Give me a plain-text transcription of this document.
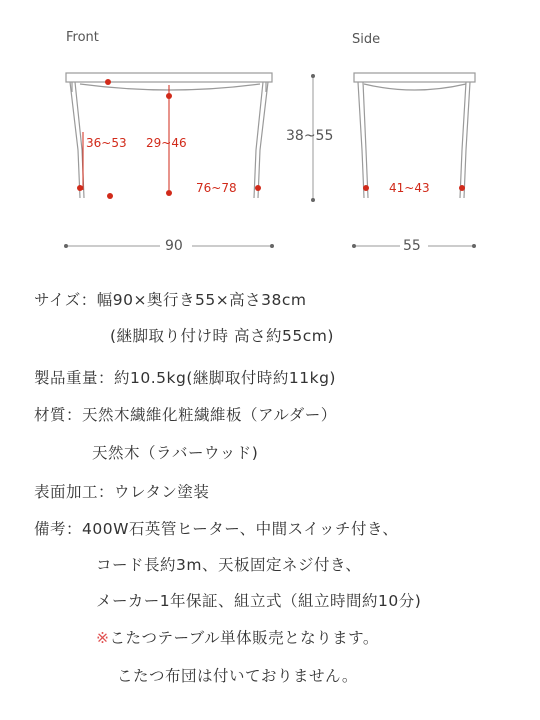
Front	Side
36~53 29~46
76~78
38~55
90
41~43
55
サイズ：幅90×奥行き55×高さ38cm
(継脚取り付け時 高さ約55cm)
製品重量：約10.5kg(継脚取付時約11kg)
材質：天然木繊維化粧繊維板（アルダー）
天然木（ラバーウッド)
表面加工：ウレタン塗装
備考：400W石英管ヒーター、中間スイッチ付き、
コード長約3m、天板固定ネジ付き、
メーカー1年保証、組立式（組立時間約10分)
※こたつテーブル単体販売となります。
こたつ布団は付いておりません。
